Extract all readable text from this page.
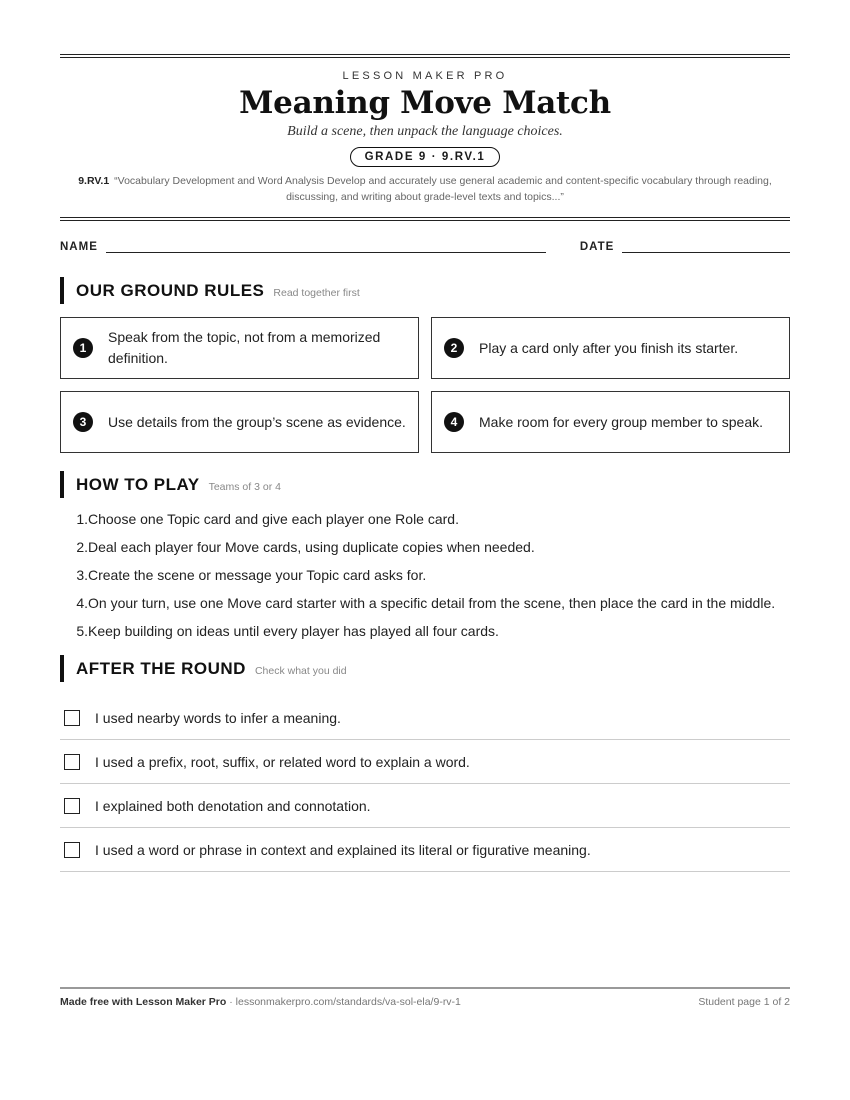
LESSON MAKER PRO
Meaning Move Match
Build a scene, then unpack the language choices.
GRADE 9 · 9.RV.1
9.RV.1 “Vocabulary Development and Word Analysis Develop and accurately use general academic and content-specific vocabulary through reading, discussing, and writing about grade-level texts and topics...”
NAME	DATE
OUR GROUND RULES Read together first
1
Speak from the topic, not from a memorized definition.
2	Play a card only after you finish its starter.
3	Use details from the group’s scene as evidence.	4	Make room for every group member to speak.
HOW TO PLAY Teams of 3 or 4
1. Choose one Topic card and give each player one Role card.
2. Deal each player four Move cards, using duplicate copies when needed.
3. Create the scene or message your Topic card asks for.
4. On your turn, use one Move card starter with a specific detail from the scene, then place the card in the middle.
5. Keep building on ideas until every player has played all four cards.
AFTER THE ROUND Check what you did
I used nearby words to infer a meaning.
I used a prefix, root, suffix, or related word to explain a word.
I explained both denotation and connotation.
I used a word or phrase in context and explained its literal or figurative meaning.
Made free with Lesson Maker Pro · lessonmakerpro.com/standards/va-sol-ela/9-rv-1	Student page 1 of 2
